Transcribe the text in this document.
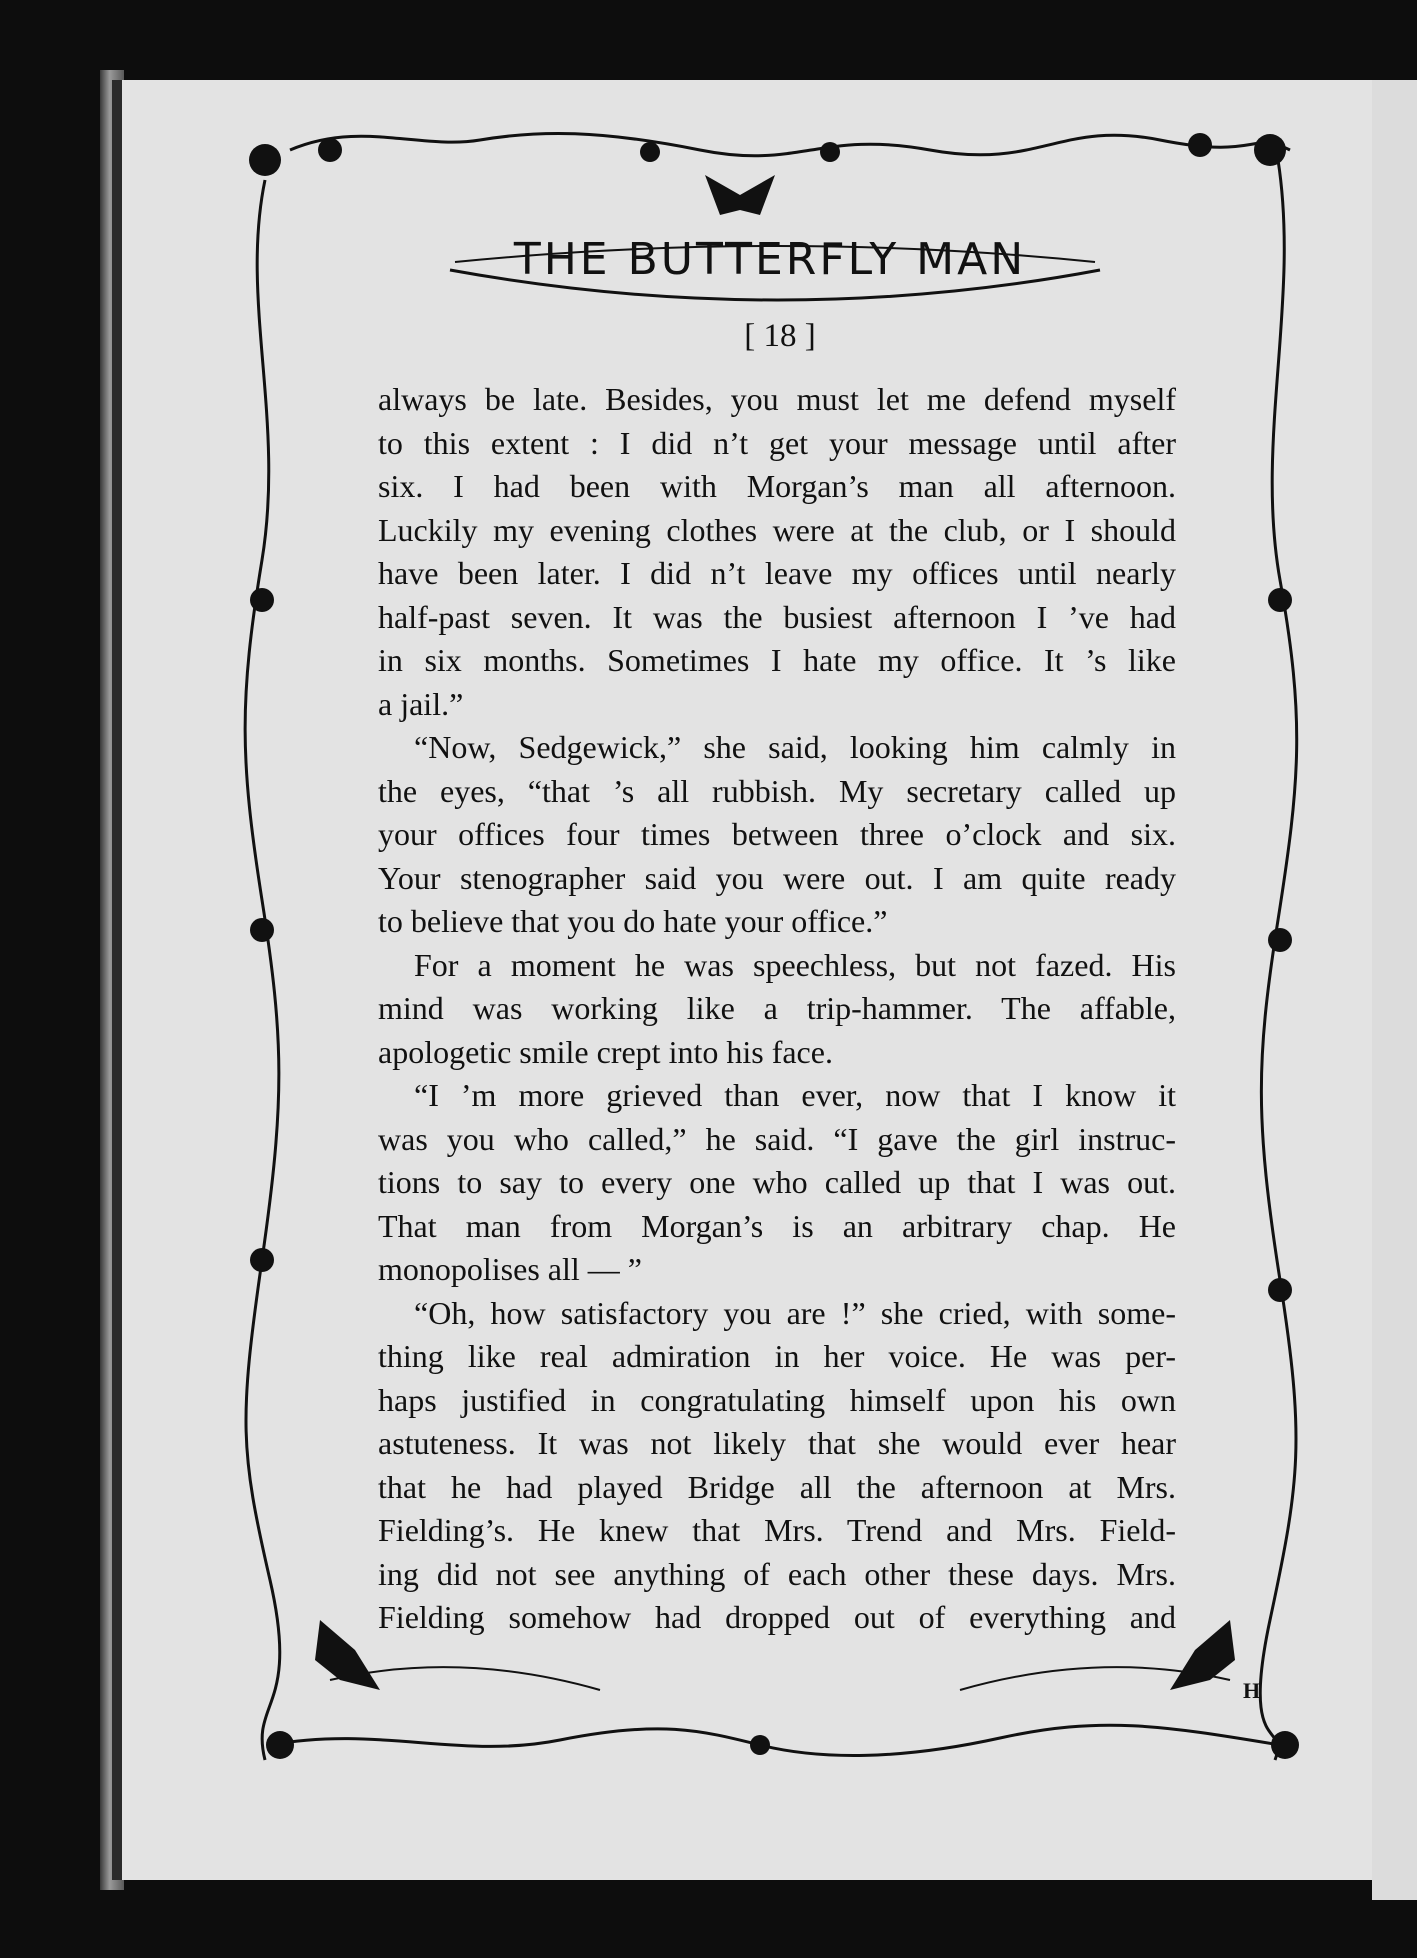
THE BUTTERFLY MAN
[ 18 ]
always be late. Besides, you must let me defend myself
to this extent : I did n’t get your message until after
six. I had been with Morgan’s man all afternoon.
Luckily my evening clothes were at the club, or I should
have been later. I did n’t leave my offices until nearly
half-past seven. It was the busiest afternoon I ’ve had
in six months. Sometimes I hate my office. It ’s like
a jail.”
“Now, Sedgewick,” she said, looking him calmly in
the eyes, “that ’s all rubbish. My secretary called up
your offices four times between three o’clock and six.
Your stenographer said you were out. I am quite ready
to believe that you do hate your office.”
For a moment he was speechless, but not fazed. His
mind was working like a trip-hammer. The affable,
apologetic smile crept into his face.
“I ’m more grieved than ever, now that I know it
was you who called,” he said. “I gave the girl instruc-
tions to say to every one who called up that I was out.
That man from Morgan’s is an arbitrary chap. He
monopolises all — ”
“Oh, how satisfactory you are !” she cried, with some-
thing like real admiration in her voice. He was per-
haps justified in congratulating himself upon his own
astuteness. It was not likely that she would ever hear
that he had played Bridge all the afternoon at Mrs.
Fielding’s. He knew that Mrs. Trend and Mrs. Field-
ing did not see anything of each other these days. Mrs.
Fielding somehow had dropped out of everything and
H
